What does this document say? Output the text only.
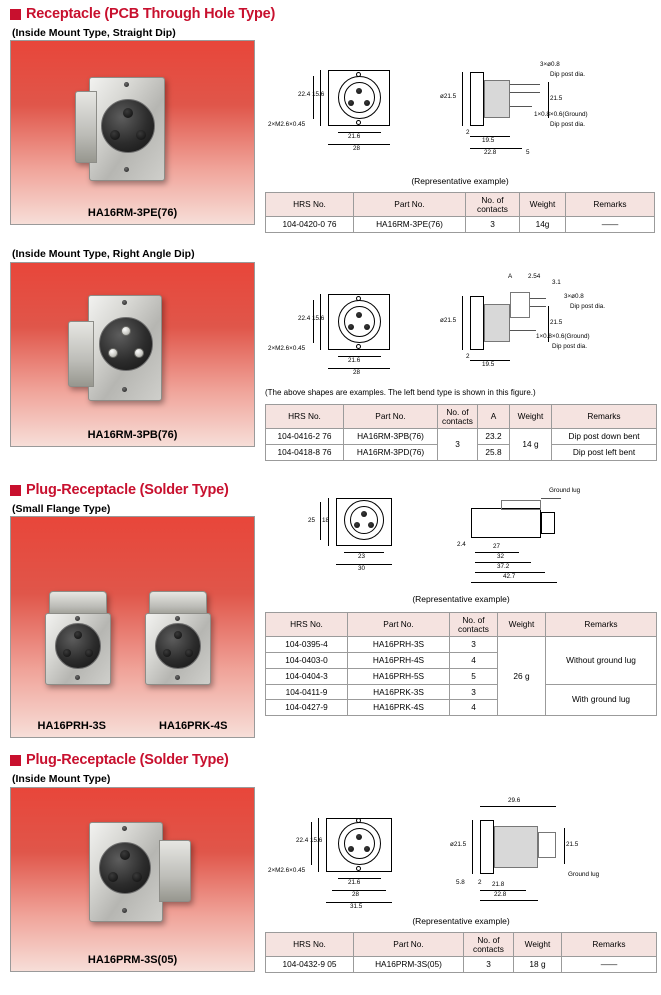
Receptacle (PCB Through Hole Type)
(Inside Mount Type, Straight Dip)
HA16RM-3PE(76)
22.4 15.6
21.6
28
2×M2.6×0.45
ø21.5	21.5
2
19.5
22.8	5
3×ø0.8
Dip post dia.
1×0.8×0.6(Ground)
Dip post dia.
(Representative example)
HRS No.	Part No.	No. of contacts	Weight	Remarks
104-0420-0 76	HA16RM-3PE(76)	3	14g	——
(Inside Mount Type, Right Angle Dip)
HA16RM-3PB(76)
22.4 15.6
21.6
28
2×M2.6×0.45
A	2.54
3.1
ø21.5	21.5
2
19.5
3×ø0.8
Dip post dia.
1×0.8×0.6(Ground)
Dip post dia.
(The above shapes are examples. The left bend type is shown in this figure.)
HRS No.	Part No.	No. of contacts	A	Weight	Remarks
104-0416-2 76	HA16RM-3PB(76)	3	23.2	14 g	Dip post down bent
104-0418-8 76	HA16RM-3PD(76)		25.8		Dip post left bent
Plug-Receptacle (Solder Type)
(Small Flange Type)
HA16PRH-3S	HA16PRK-4S
25 18
23
30
Ground lug
2.4	27
32
37.2
42.7
(Representative example)
HRS No.	Part No.	No. of contacts	Weight	Remarks
104-0395-4	HA16PRH-3S	3	26 g	Without ground lug
104-0403-0	HA16PRH-4S	4		
104-0404-3	HA16PRH-5S	5		
104-0411-9	HA16PRK-3S	3		With ground lug
104-0427-9	HA16PRK-4S	4		
Plug-Receptacle (Solder Type)
(Inside Mount Type)
HA16PRM-3S(05)
22.4 15.6
21.6
28
31.5
2×M2.6×0.45
29.6
ø21.5	21.5
5.8 2 21.8
22.8
Ground lug
(Representative example)
HRS No.	Part No.	No. of contacts	Weight	Remarks
104-0432-9 05	HA16PRM-3S(05)	3	18 g	——
